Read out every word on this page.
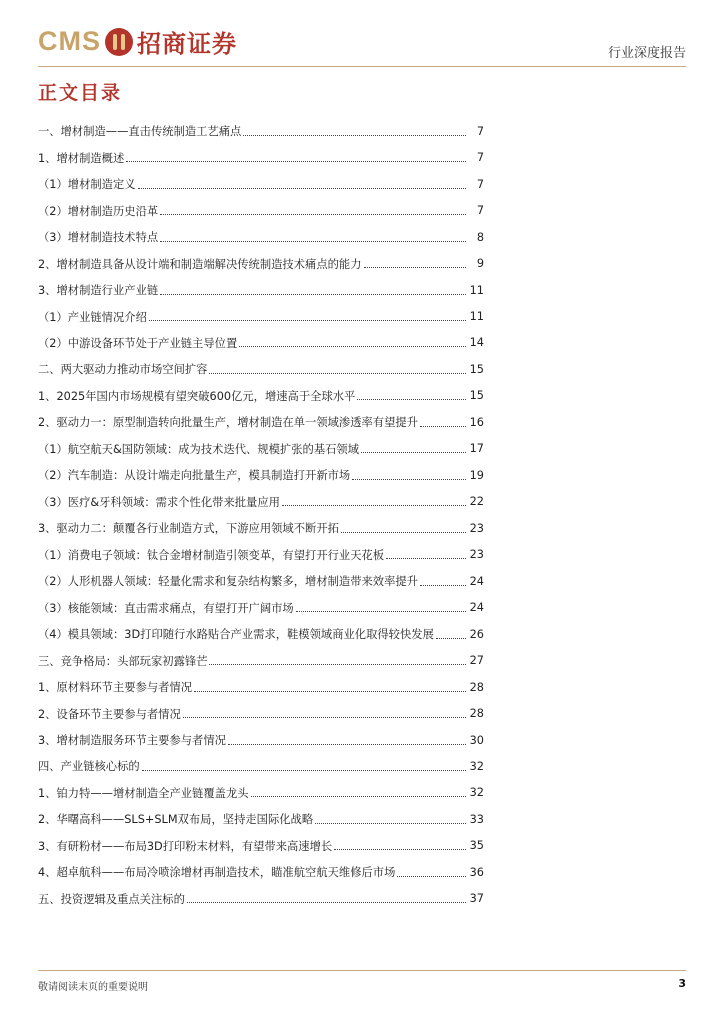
CMS 招商证券	行业深度报告
正文目录
一、增材制造——直击传统制造工艺痛点	7
1、增材制造概述	7
（1）增材制造定义	7
（2）增材制造历史沿革	7
（3）增材制造技术特点	8
2、增材制造具备从设计端和制造端解决传统制造技术痛点的能力	9
3、增材制造行业产业链	11
（1）产业链情况介绍	11
（2）中游设备环节处于产业链主导位置	14
二、两大驱动力推动市场空间扩容	15
1、2025年国内市场规模有望突破600亿元，增速高于全球水平	15
2、驱动力一：原型制造转向批量生产，增材制造在单一领域渗透率有望提升	16
（1）航空航天&国防领域：成为技术迭代、规模扩张的基石领域	17
（2）汽车制造：从设计端走向批量生产，模具制造打开新市场	19
（3）医疗&牙科领域：需求个性化带来批量应用	22
3、驱动力二：颠覆各行业制造方式，下游应用领域不断开拓	23
（1）消费电子领域：钛合金增材制造引领变革，有望打开行业天花板	23
（2）人形机器人领域：轻量化需求和复杂结构繁多，增材制造带来效率提升	24
（3）核能领域：直击需求痛点，有望打开广阔市场	24
（4）模具领域：3D打印随行水路贴合产业需求，鞋模领域商业化取得较快发展	26
三、竞争格局：头部玩家初露锋芒	27
1、原材料环节主要参与者情况	28
2、设备环节主要参与者情况	28
3、增材制造服务环节主要参与者情况	30
四、产业链核心标的	32
1、铂力特——增材制造全产业链覆盖龙头	32
2、华曙高科——SLS+SLM双布局，坚持走国际化战略	33
3、有研粉材——布局3D打印粉末材料，有望带来高速增长	35
4、超卓航科——布局冷喷涂增材再制造技术，瞄准航空航天维修后市场	36
五、投资逻辑及重点关注标的	37
敬请阅读末页的重要说明	3
